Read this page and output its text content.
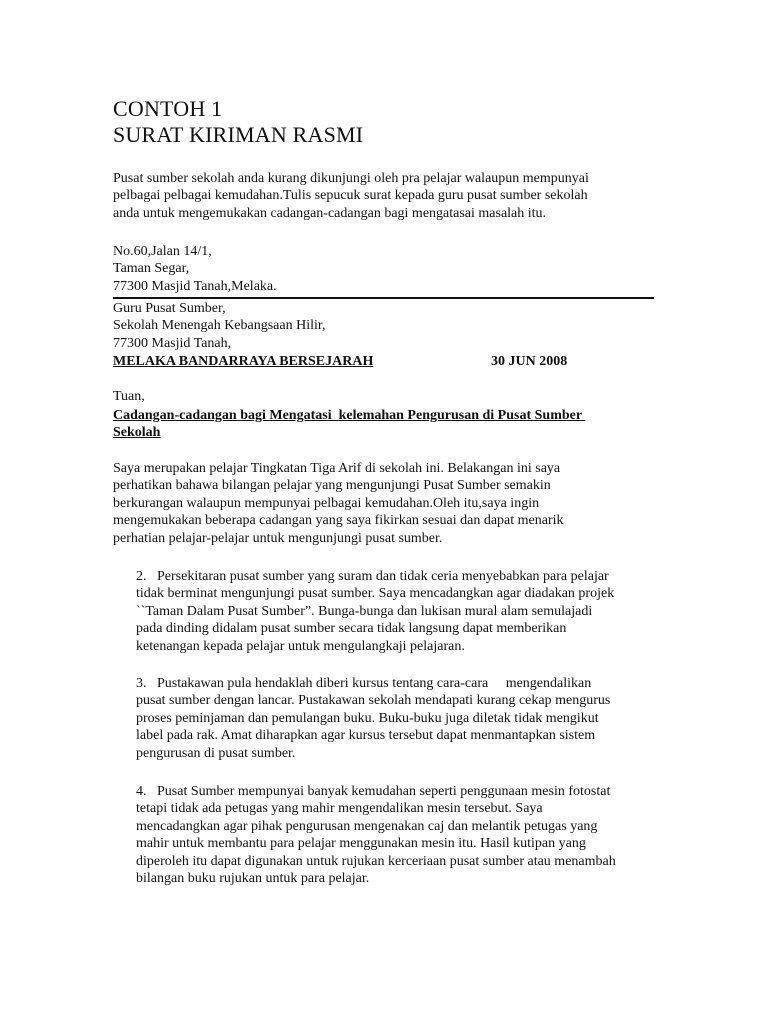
CONTOH 1
SURAT KIRIMAN RASMI
Pusat sumber sekolah anda kurang dikunjungi oleh pra pelajar walaupun mempunyai
pelbagai pelbagai kemudahan.Tulis sepucuk surat kepada guru pusat sumber sekolah
anda untuk mengemukakan cadangan-cadangan bagi mengatasai masalah itu.
No.60,Jalan 14/1,
Taman Segar,
77300 Masjid Tanah,Melaka.
Guru Pusat Sumber,
Sekolah Menengah Kebangsaan Hilir,
77300 Masjid Tanah,
MELAKA BANDARRAYA BERSEJARAH	30 JUN 2008
Tuan,
Cadangan-cadangan bagi Mengatasi  kelemahan Pengurusan di Pusat Sumber
Sekolah
Saya merupakan pelajar Tingkatan Tiga Arif di sekolah ini. Belakangan ini saya
perhatikan bahawa bilangan pelajar yang mengunjungi Pusat Sumber semakin
berkurangan walaupun mempunyai pelbagai kemudahan.Oleh itu,saya ingin
mengemukakan beberapa cadangan yang saya fikirkan sesuai dan dapat menarik
perhatian pelajar-pelajar untuk mengunjungi pusat sumber.
2.   Persekitaran pusat sumber yang suram dan tidak ceria menyebabkan para pelajar
tidak berminat mengunjungi pusat sumber. Saya mencadangkan agar diadakan projek
``Taman Dalam Pusat Sumber”. Bunga-bunga dan lukisan mural alam semulajadi
pada dinding didalam pusat sumber secara tidak langsung dapat memberikan
ketenangan kepada pelajar untuk mengulangkaji pelajaran.
3.   Pustakawan pula hendaklah diberi kursus tentang cara-cara     mengendalikan
pusat sumber dengan lancar. Pustakawan sekolah mendapati kurang cekap mengurus
proses peminjaman dan pemulangan buku. Buku-buku juga diletak tidak mengikut
label pada rak. Amat diharapkan agar kursus tersebut dapat menmantapkan sistem
pengurusan di pusat sumber.
4.   Pusat Sumber mempunyai banyak kemudahan seperti penggunaan mesin fotostat
tetapi tidak ada petugas yang mahir mengendalikan mesin tersebut. Saya
mencadangkan agar pihak pengurusan mengenakan caj dan melantik petugas yang
mahir untuk membantu para pelajar menggunakan mesin itu. Hasil kutipan yang
diperoleh itu dapat digunakan untuk rujukan kerceriaan pusat sumber atau menambah
bilangan buku rujukan untuk para pelajar.
